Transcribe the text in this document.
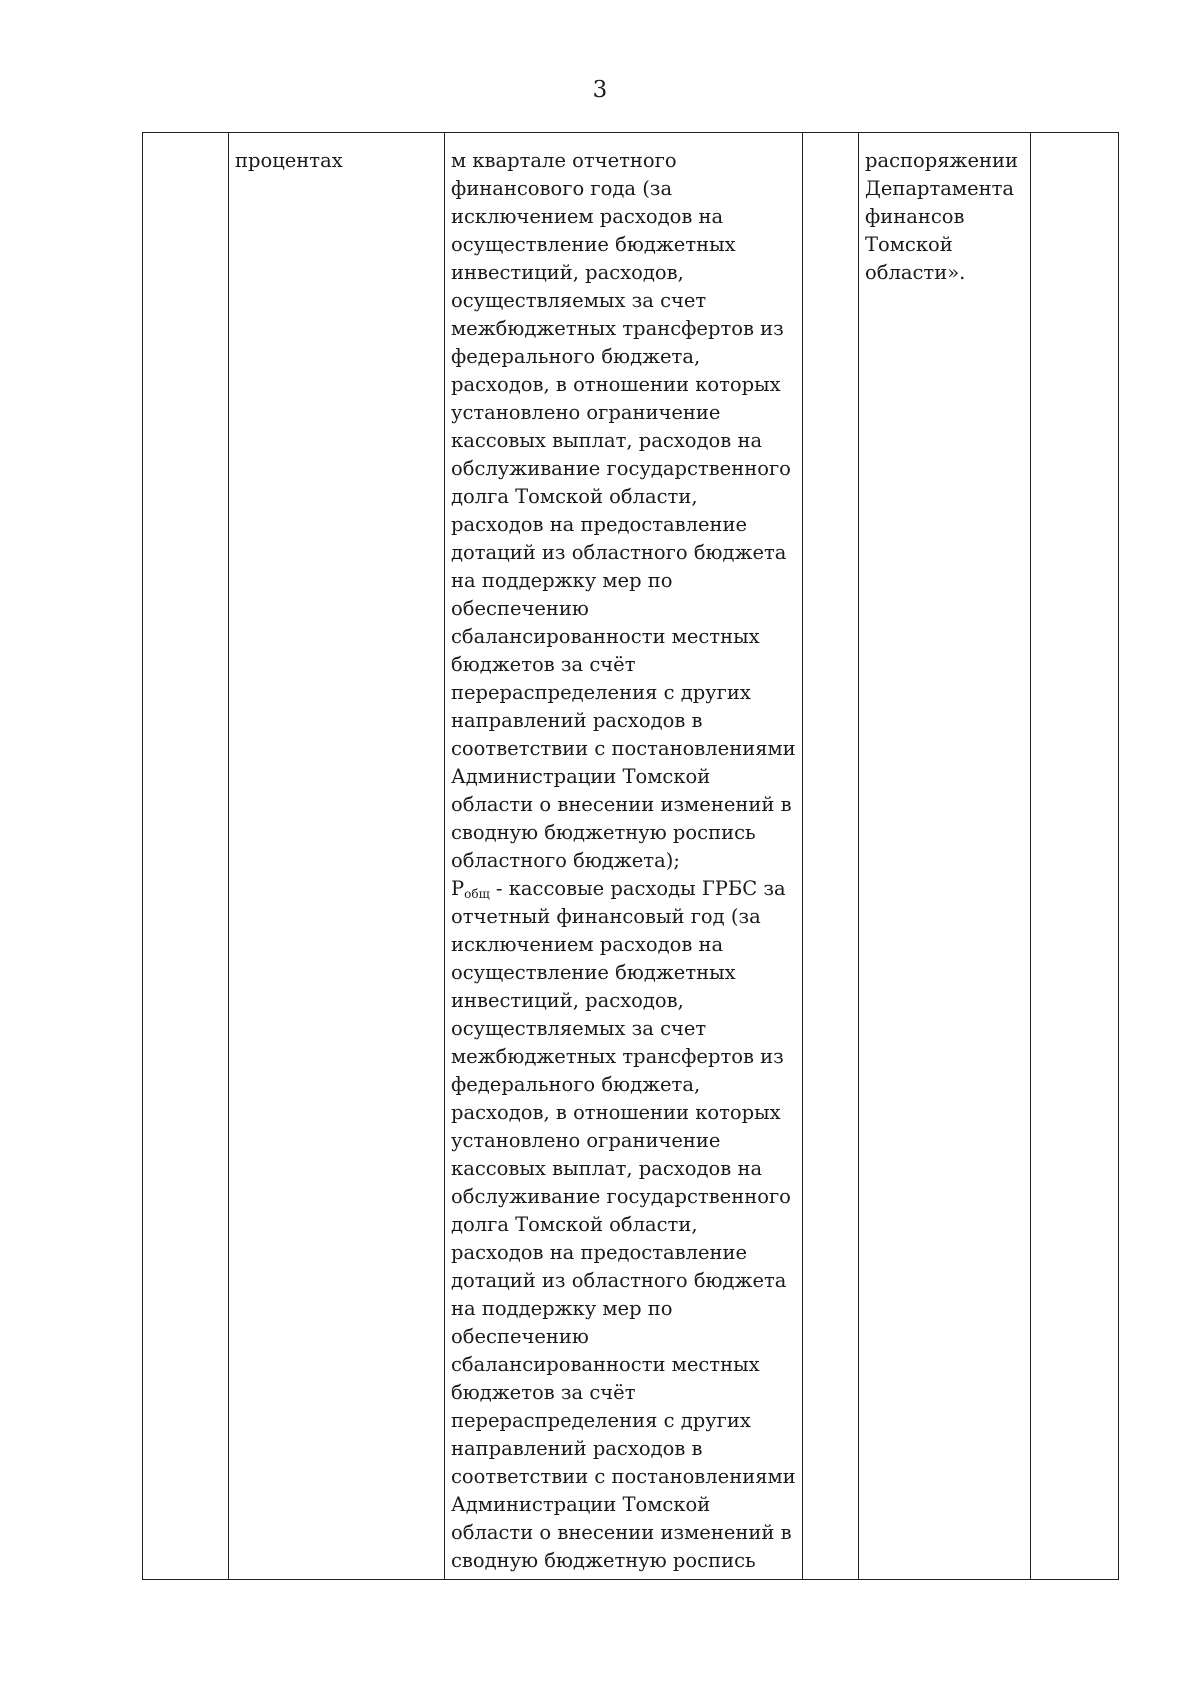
3
	процентах	м квартале отчетного
финансового года (за
исключением расходов на
осуществление бюджетных
инвестиций, расходов,
осуществляемых за счет
межбюджетных трансфертов из
федерального бюджета,
расходов, в отношении которых
установлено ограничение
кассовых выплат, расходов на
обслуживание государственного
долга Томской области,
расходов на предоставление
дотаций из областного бюджета
на поддержку мер по
обеспечению
сбалансированности местных
бюджетов за счёт
перераспределения с других
направлений расходов в
соответствии с постановлениями
Администрации Томской
области о внесении изменений в
сводную бюджетную роспись
областного бюджета);
$P_{общ}$ - кассовые расходы ГРБС за
отчетный финансовый год (за
исключением расходов на
осуществление бюджетных
инвестиций, расходов,
осуществляемых за счет
межбюджетных трансфертов из
федерального бюджета,
расходов, в отношении которых
установлено ограничение
кассовых выплат, расходов на
обслуживание государственного
долга Томской области,
расходов на предоставление
дотаций из областного бюджета
на поддержку мер по
обеспечению
сбалансированности местных
бюджетов за счёт
перераспределения с других
направлений расходов в
соответствии с постановлениями
Администрации Томской
области о внесении изменений в
сводную бюджетную роспись		распоряжении
Департамента
финансов
Томской
области».	
